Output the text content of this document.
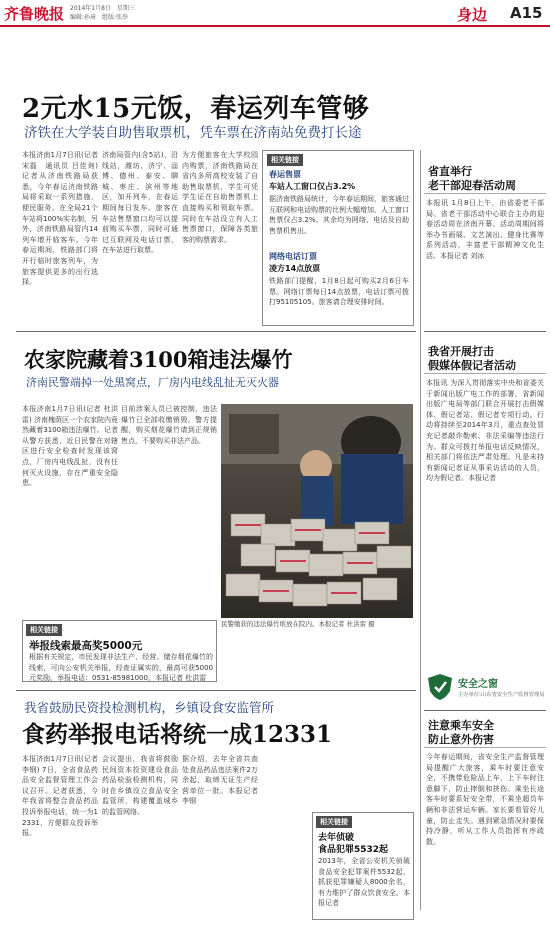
齐鲁晚报 2014年1月8日　星期三
编辑:孙琦　组版:张举	身边 A15
2元水15元饭，春运列车管够
济铁在大学装自助售取票机，凭车票在济南站免费打长途
本报济南1月7日讯(记者 宋磊　通讯员 吕佳询) 记者从济南铁路局获悉，今年春运济南铁路局将采取一系列措施，便民服务。在全局21个车站将100%实名制，另外，济南铁路局管内14列车增开临客车。今年春运期间，铁路部门将开行临时旅客列车，为旅客提供更多的出行选择。
济南局管内(含5站)、沿线站，潍坊、济宁、淄博、德州、泰安、聊城、枣庄、滨州等地区，加开列车，在春运期间每日发车。旅客在车站售票窗口均可以提前购买车票，同时可通过互联网及电话订票，在车站进行取票。
为方便旅客在大学校园内购票，济南铁路局在省内多所高校安装了自助售取票机，学生可凭学生证在自助售票机上直接购买和领取车票。同时在车站设立有人工售票窗口，保障各类旅客的购票需求。
相关链接
春运售票
车站人工窗口仅占3.2%
据济南铁路局统计，今年春运期间，旅客通过互联网和电话购票的比例大幅增加，人工窗口售票仅占3.2%。其余均为网络、电话及自助售票机售出。
网络电话订票
凌方14点放票
铁路部门提醒，1月8日起可购买2月6日车票。网络订票每日14点放票，电话订票可拨打95105105。旅客请合理安排时间。
省直举行
老干部迎春活动周
本报讯 1月8日上午，由省委老干部局、省老干部活动中心联合主办的迎春活动周在济南开幕。活动周期间将举办书画展、文艺演出、健身比赛等系列活动，丰富老干部精神文化生活。本报记者 刘冰
农家院藏着3100箱违法爆竹
济南民警端掉一处黑窝点，厂房内电线乱扯无灭火器
本报济南1月7日讯(记者 杜洪雷) 济南槐荫区一个农家院内竟然藏着3100箱违法爆竹。记者从警方获悉，近日民警在对辖区进行安全检查时发现该窝点，厂房内电线乱扯，没有任何灭火设施，存在严重安全隐患。
目前涉案人员已被控制，违法爆竹已全部收缴销毁。警方提醒，购买烟花爆竹请到正规销售点，不要购买非法产品。
民警缴获的违法爆竹堆放在院内。本报记者 杜洪雷 摄
相关链接
举报线索最高奖5000元
根据有关规定，市民发现非法生产、经营、储存烟花爆竹的线索，可向公安机关举报，经查证属实的，最高可获5000元奖励。举报电话：0531-85981000。本报记者 杜洪雷
我省开展打击
假媒体假记者活动
本报讯 为深入贯彻落实中央和省委关于新闻出版广电工作的部署，省新闻出版广电局等部门联合开展打击假媒体、假记者站、假记者专项行动。行动将持续至2014年3月，重点查处冒充记者敲诈勒索、非法采编等违法行为。群众可拨打举报电话反映情况，相关部门将依法严肃处理。凡是未持有新闻记者证从事采访活动的人员，均为假记者。本报记者
安全之窗
主办单位:山东省安全生产监督管理局
注意乘车安全
防止意外伤害
今年春运期间，省安全生产监督管理局提醒广大旅客，乘车时要注意安全，不携带危险品上车，上下车时注意脚下，防止摔倒和挤伤。乘坐长途客车时要系好安全带，不乘坐超员车辆和非法营运车辆。家长要看管好儿童，防止走失。遇到紧急情况时要保持冷静，听从工作人员指挥有序疏散。
我省鼓励民资投检测机构，乡镇设食安监管所
食药举报电话将统一成12331
本报济南1月7日讯(记者 李钢) 7日，全省食品药品安全监督管理工作会议召开。记者获悉，今年我省将整合食品药品投诉举报电话，统一为12331，方便群众投诉举报。
会议提出，我省将鼓励民间资本投资建设食品药品检验检测机构，同时在乡镇设立食品安全监管所，构建覆盖城乡的监管网络。
据介绍，去年全省共查处食品药品违法案件2万余起，取缔无证生产经营单位一批。本报记者 李钢
相关链接
去年侦破
食品犯罪5532起
2013年，全省公安机关侦破食品安全犯罪案件5532起，抓获犯罪嫌疑人8000余名，有力维护了群众饮食安全。本报记者
